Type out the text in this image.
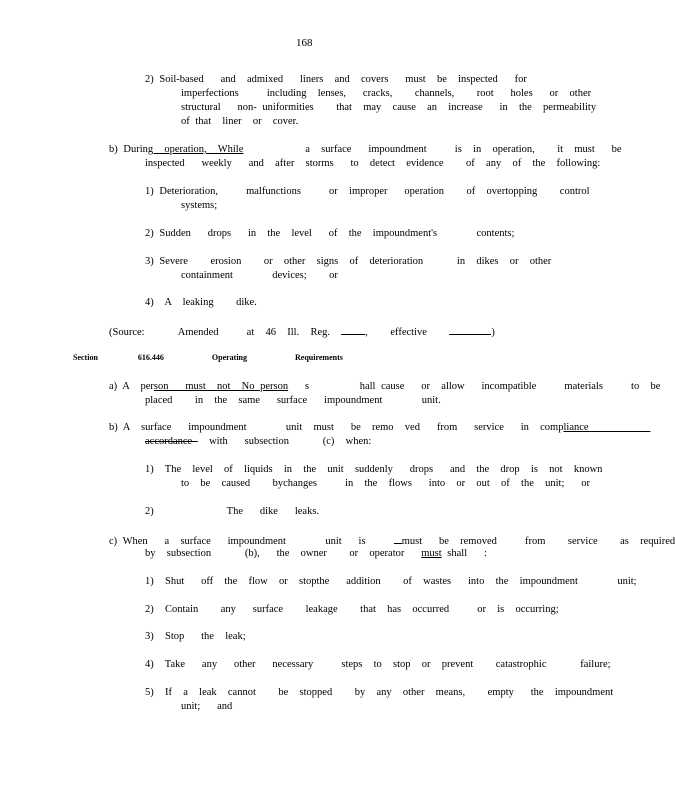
168
2) Soil-based   and  admixed   liners  and  covers   must  be  inspected   for
imperfections     including  lenses,   cracks,    channels,    root   holes   or  other
structural   non- uniformities    that  may  cause  an  increase   in  the  permeability
of that  liner  or  cover.
b) During  operation,  While           a  surface   impoundment     is  in  operation,    it  must   be
inspected   weekly   and  after  storms   to  detect  evidence    of  any  of  the  following:
1) Deterioration,     malfunctions     or  improper   operation    of  overtopping    control
systems;
2) Sudden   drops   in  the  level   of  the  impoundment's       contents;
3) Severe    erosion    or  other  signs  of  deterioration      in  dikes  or  other
containment       devices;    or
4)  A  leaking    dike.
(Source:      Amended     at  46  Ill.  Reg.	, effective	)
Section     616.446	Operating      Requirements
a) A  person   must  not  No person   s         hall cause   or  allow   incompatible     materials     to  be
placed    in  the  same   surface   impoundment       unit.
b) A  surface   impoundment       unit  must   be  remo  ved   from   service   in  compliance
accordance   with   subsection      (c)  when:
1)  The  level  of  liquids  in  the  unit  suddenly   drops   and  the  drop  is  not  known
to  be  caused    bychanges     in  the  flows   into  or  out  of  the  unit;   or
2)             The   dike   leaks.
c) When   a  surface   impoundment       unit   is	must   be  removed     from    service    as  required
by  subsection      (b),   the  owner    or  operator   must shall   :
1)  Shut   off  the  flow  or  stopthe   addition    of  wastes   into  the  impoundment       unit;
2)  Contain    any   surface    leakage    that  has  occurred     or  is  occurring;
3)  Stop   the  leak;
4)  Take   any   other   necessary     steps  to  stop  or  prevent    catastrophic      failure;
5)  If  a  leak  cannot    be  stopped    by  any  other  means,    empty   the  impoundment
unit;   and
